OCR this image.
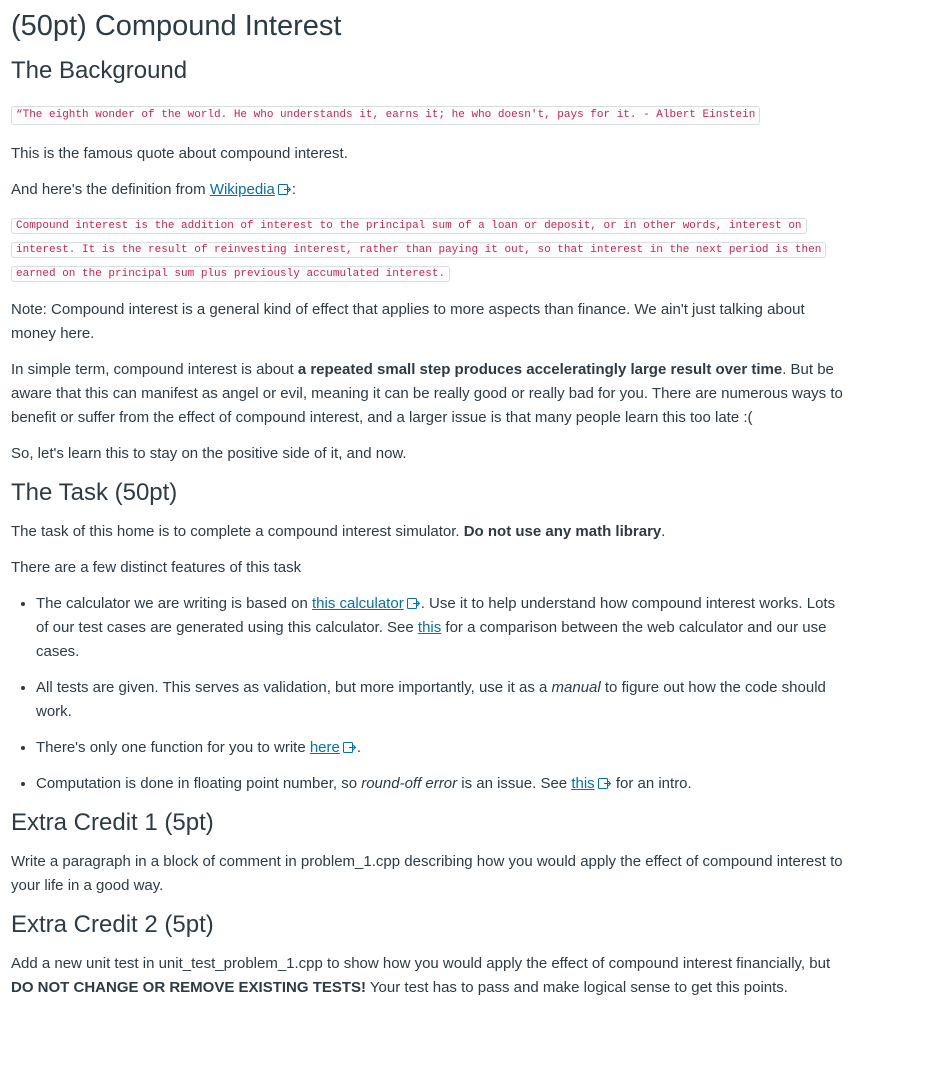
(50pt) Compound Interest
The Background
“The eighth wonder of the world. He who understands it, earns it; he who doesn't, pays for it. - Albert Einstein

This is the famous quote about compound interest.

And here's the definition from Wikipedia :

Compound interest is the addition of interest to the principal sum of a loan or deposit, or in other words, interest on
interest. It is the result of reinvesting interest, rather than paying it out, so that interest in the next period is then
earned on the principal sum plus previously accumulated interest.

Note: Compound interest is a general kind of effect that applies to more aspects than finance. We ain't just talking about money here.

In simple term, compound interest is about a repeated small step produces acceleratingly large result over time. But be aware that this can manifest as angel or evil, meaning it can be really good or really bad for you. There are numerous ways to benefit or suffer from the effect of compound interest, and a larger issue is that many people learn this too late :(

So, let's learn this to stay on the positive side of it, and now.

The Task (50pt)

The task of this home is to complete a compound interest simulator. Do not use any math library.

There are a few distinct features of this task

• The calculator we are writing is based on this calculator . Use it to help understand how compound interest works. Lots of our test cases are generated using this calculator. See this for a comparison between the web calculator and our use cases.
• All tests are given. This serves as validation, but more importantly, use it as a manual to figure out how the code should work.
• There's only one function for you to write here .
• Computation is done in floating point number, so round-off error is an issue. See this for an intro.
Extra Credit 1 (5pt)

Write a paragraph in a block of comment in problem_1.cpp describing how you would apply the effect of compound interest to your life in a good way.

Extra Credit 2 (5pt)

Add a new unit test in unit_test_problem_1.cpp to show how you would apply the effect of compound interest financially, but DO NOT CHANGE OR REMOVE EXISTING TESTS! Your test has to pass and make logical sense to get this points.
